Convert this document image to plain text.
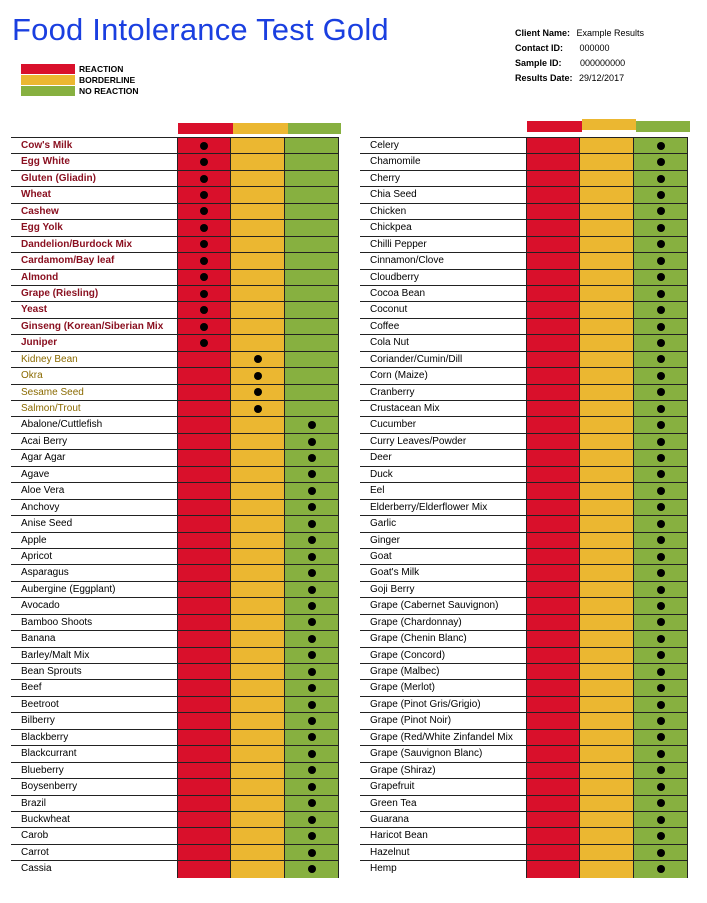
Food Intolerance Test Gold	Client Name: Example Results
Contact ID: 000000
Sample ID: 000000000
Results Date: 29/12/2017
REACTION
BORDERLINE
NO REACTION
Cow's Milk
Egg White
Gluten (Gliadin)
Wheat
Cashew
Egg Yolk
Dandelion/Burdock Mix
Cardamom/Bay leaf
Almond
Grape (Riesling)
Yeast
Ginseng (Korean/Siberian Mix
Juniper
Kidney Bean
Okra
Sesame Seed
Salmon/Trout
Abalone/Cuttlefish
Acai Berry
Agar Agar
Agave
Aloe Vera
Anchovy
Anise Seed
Apple
Apricot
Asparagus
Aubergine (Eggplant)
Avocado
Bamboo Shoots
Banana
Barley/Malt Mix
Bean Sprouts
Beef
Beetroot
Bilberry
Blackberry
Blackcurrant
Blueberry
Boysenberry
Brazil
Buckwheat
Carob
Carrot
Cassia
Celery
Chamomile
Cherry
Chia Seed
Chicken
Chickpea
Chilli Pepper
Cinnamon/Clove
Cloudberry
Cocoa Bean
Coconut
Coffee
Cola Nut
Coriander/Cumin/Dill
Corn (Maize)
Cranberry
Crustacean Mix
Cucumber
Curry Leaves/Powder
Deer
Duck
Eel
Elderberry/Elderflower Mix
Garlic
Ginger
Goat
Goat's Milk
Goji Berry
Grape (Cabernet Sauvignon)
Grape (Chardonnay)
Grape (Chenin Blanc)
Grape (Concord)
Grape (Malbec)
Grape (Merlot)
Grape (Pinot Gris/Grigio)
Grape (Pinot Noir)
Grape (Red/White Zinfandel Mix
Grape (Sauvignon Blanc)
Grape (Shiraz)
Grapefruit
Green Tea
Guarana
Haricot Bean
Hazelnut
Hemp
